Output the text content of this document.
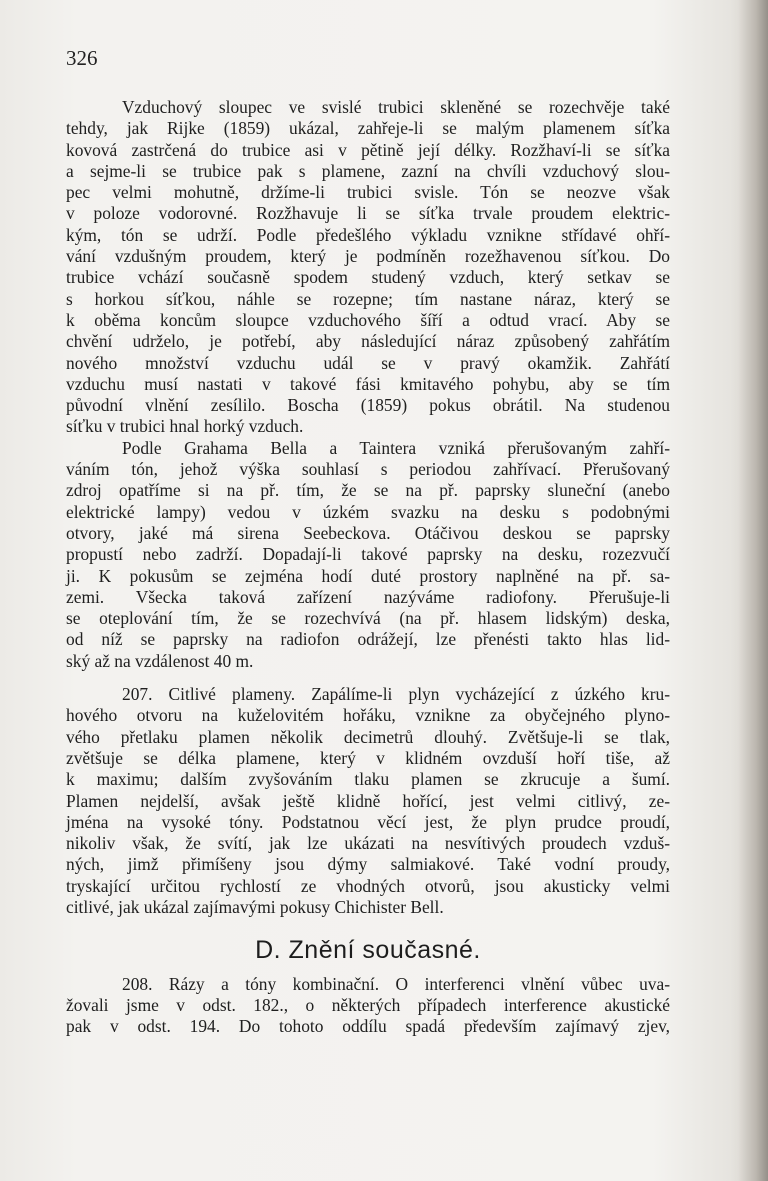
326
Vzduchový sloupec ve svislé trubici skleněné se rozechvěje také
tehdy, jak Rijke (1859) ukázal, zahřeje-li se malým plamenem síťka
kovová zastrčená do trubice asi v pětině její délky. Rozžhaví-li se síťka
a sejme-li se trubice pak s plamene, zazní na chvíli vzduchový slou-
pec velmi mohutně, držíme-li trubici svisle. Tón se neozve však
v poloze vodorovné. Rozžhavuje li se síťka trvale proudem elektric-
kým, tón se udrží. Podle předešlého výkladu vznikne střídavé ohří-
vání vzdušným proudem, který je podmíněn rozežhavenou síťkou. Do
trubice vchází současně spodem studený vzduch, který setkav se
s horkou síťkou, náhle se rozepne; tím nastane náraz, který se
k oběma koncům sloupce vzduchového šíří a odtud vrací. Aby se
chvění udrželo, je potřebí, aby následující náraz způsobený zahřátím
nového množství vzduchu udál se v pravý okamžik. Zahřátí
vzduchu musí nastati v takové fási kmitavého pohybu, aby se tím
původní vlnění zesílilo. Boscha (1859) pokus obrátil. Na studenou
síťku v trubici hnal horký vzduch.
Podle Grahama Bella a Taintera vzniká přerušovaným zahří-
váním tón, jehož výška souhlasí s periodou zahřívací. Přerušovaný
zdroj opatříme si na př. tím, že se na př. paprsky sluneční (anebo
elektrické lampy) vedou v úzkém svazku na desku s podobnými
otvory, jaké má sirena Seebeckova. Otáčivou deskou se paprsky
propustí nebo zadrží. Dopadají-li takové paprsky na desku, rozezvučí
ji. K pokusům se zejména hodí duté prostory naplněné na př. sa-
zemi. Všecka taková zařízení nazýváme radiofony. Přerušuje-li
se oteplování tím, že se rozechvívá (na př. hlasem lidským) deska,
od níž se paprsky na radiofon odrážejí, lze přenésti takto hlas lid-
ský až na vzdálenost 40 m.
207. Citlivé plameny. Zapálíme-li plyn vycházející z úzkého kru-
hového otvoru na kuželovitém hořáku, vznikne za obyčejného plyno-
vého přetlaku plamen několik decimetrů dlouhý. Zvětšuje-li se tlak,
zvětšuje se délka plamene, který v klidném ovzduší hoří tiše, až
k maximu; dalším zvyšováním tlaku plamen se zkrucuje a šumí.
Plamen nejdelší, avšak ještě klidně hořící, jest velmi citlivý, ze-
jména na vysoké tóny. Podstatnou věcí jest, že plyn prudce proudí,
nikoliv však, že svítí, jak lze ukázati na nesvítivých proudech vzduš-
ných, jimž přimíšeny jsou dýmy salmiakové. Také vodní proudy,
tryskající určitou rychlostí ze vhodných otvorů, jsou akusticky velmi
citlivé, jak ukázal zajímavými pokusy Chichister Bell.
D. Znění současné.
208. Rázy a tóny kombinační. O interferenci vlnění vůbec uva-
žovali jsme v odst. 182., o některých případech interference akustické
pak v odst. 194. Do tohoto oddílu spadá především zajímavý zjev,
